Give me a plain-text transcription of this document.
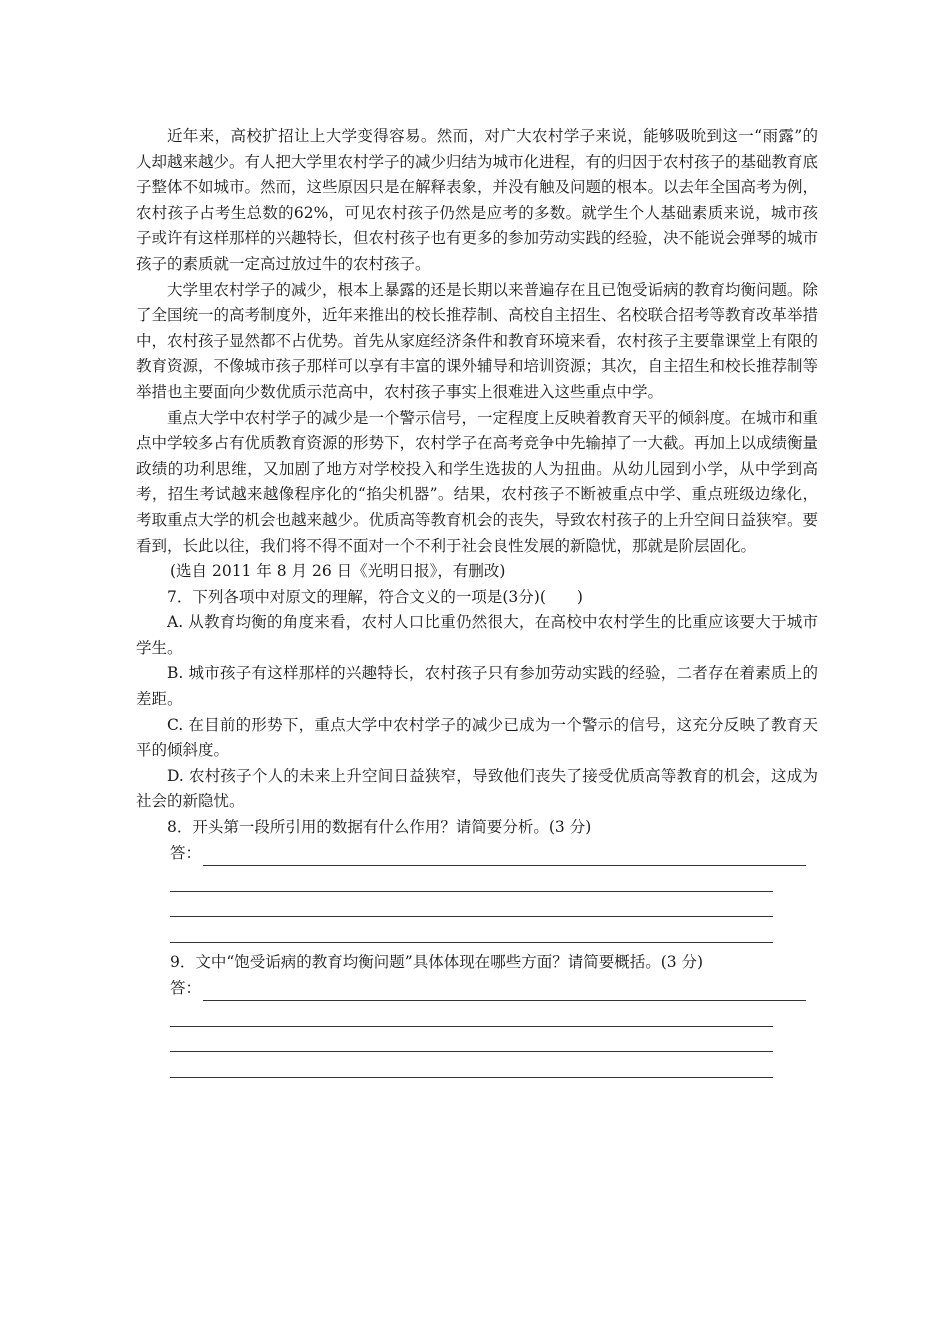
近年来，高校扩招让上大学变得容易。然而，对广大农村学子来说，能够吸吮到这一“雨露”的人却越来越少。有人把大学里农村学子的减少归结为城市化进程，有的归因于农村孩子的基础教育底子整体不如城市。然而，这些原因只是在解释表象，并没有触及问题的根本。以去年全国高考为例，农村孩子占考生总数的62%，可见农村孩子仍然是应考的多数。就学生个人基础素质来说，城市孩子或许有这样那样的兴趣特长，但农村孩子也有更多的参加劳动实践的经验，决不能说会弹琴的城市孩子的素质就一定高过放过牛的农村孩子。

大学里农村学子的减少，根本上暴露的还是长期以来普遍存在且已饱受诟病的教育均衡问题。除了全国统一的高考制度外，近年来推出的校长推荐制、高校自主招生、名校联合招考等教育改革举措中，农村孩子显然都不占优势。首先从家庭经济条件和教育环境来看，农村孩子主要靠课堂上有限的教育资源，不像城市孩子那样可以享有丰富的课外辅导和培训资源；其次，自主招生和校长推荐制等举措也主要面向少数优质示范高中，农村孩子事实上很难进入这些重点中学。

重点大学中农村学子的减少是一个警示信号，一定程度上反映着教育天平的倾斜度。在城市和重点中学较多占有优质教育资源的形势下，农村学子在高考竞争中先输掉了一大截。再加上以成绩衡量政绩的功利思维，又加剧了地方对学校投入和学生选拔的人为扭曲。从幼儿园到小学，从中学到高考，招生考试越来越像程序化的“掐尖机器”。结果，农村孩子不断被重点中学、重点班级边缘化，考取重点大学的机会也越来越少。优质高等教育机会的丧失，导致农村孩子的上升空间日益狭窄。要看到，长此以往，我们将不得不面对一个不利于社会良性发展的新隐忧，那就是阶层固化。

(选自 2011 年 8 月 26 日《光明日报》，有删改)

7．下列各项中对原文的理解，符合文义的一项是(3分)(　　)

A. 从教育均衡的角度来看，农村人口比重仍然很大，在高校中农村学生的比重应该要大于城市学生。

B. 城市孩子有这样那样的兴趣特长，农村孩子只有参加劳动实践的经验，二者存在着素质上的差距。

C. 在目前的形势下，重点大学中农村学子的减少已成为一个警示的信号，这充分反映了教育天平的倾斜度。

D. 农村孩子个人的未来上升空间日益狭窄，导致他们丧失了接受优质高等教育的机会，这成为社会的新隐忧。

8．开头第一段所引用的数据有什么作用？请简要分析。(3 分)

答：

9．文中“饱受诟病的教育均衡问题”具体体现在哪些方面？请简要概括。(3 分)

答：
